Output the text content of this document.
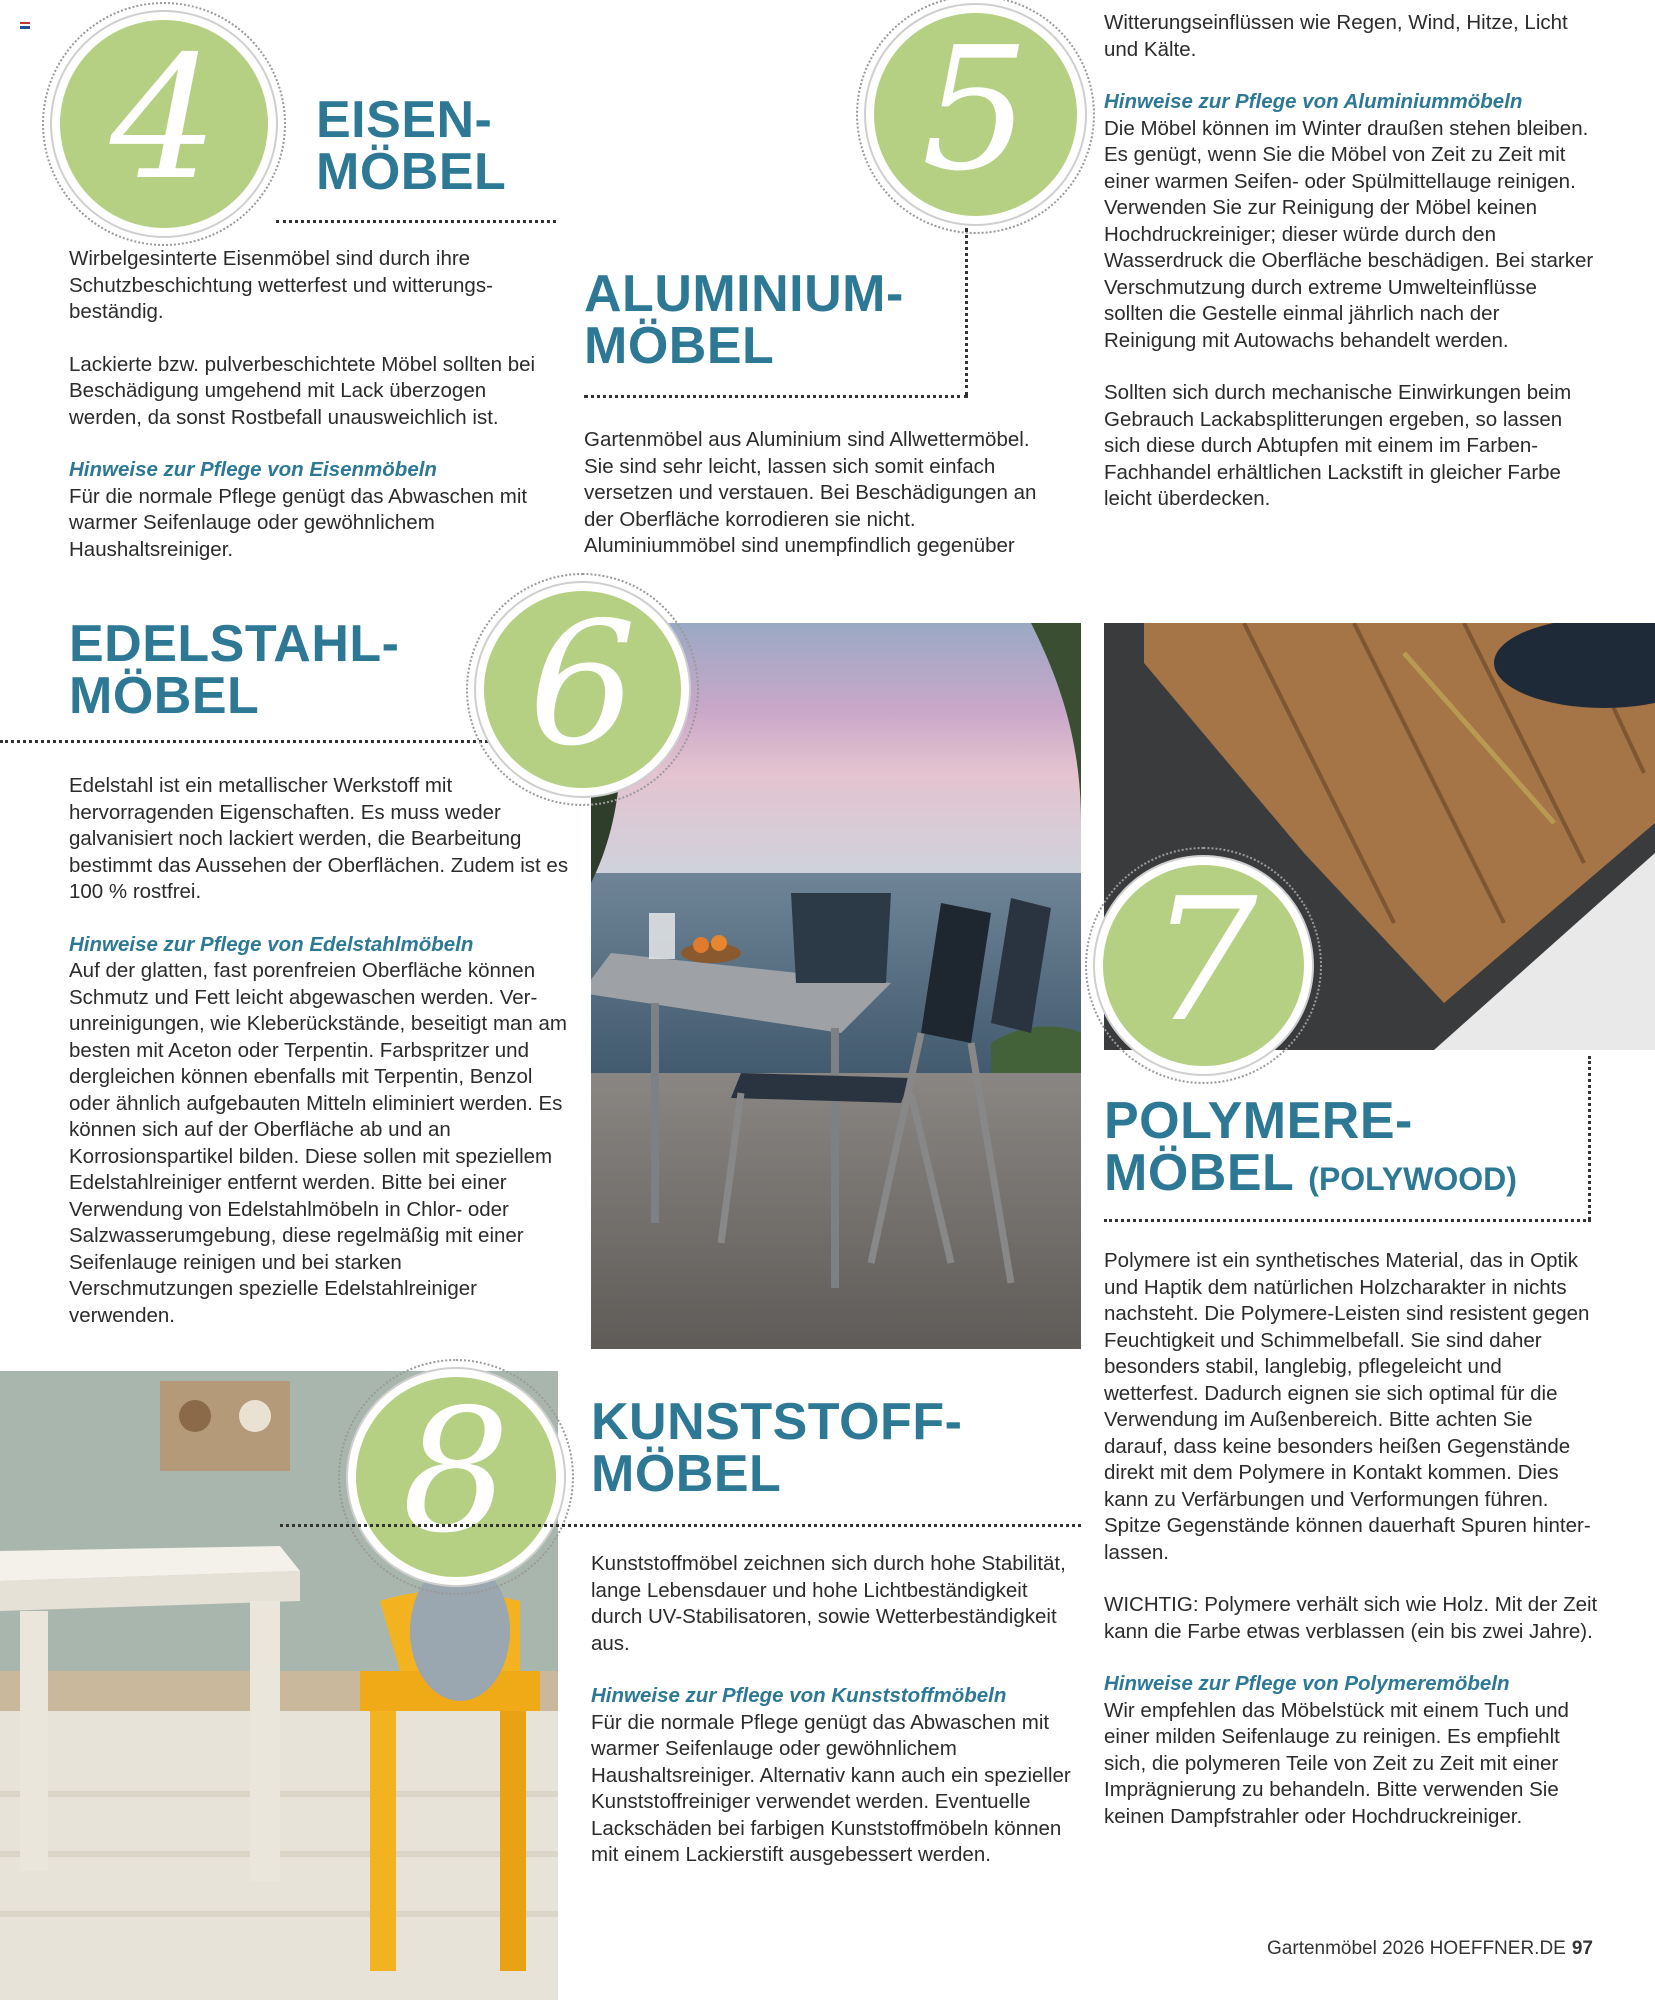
4 EISEN-
MÖBEL

Wirbelgesinterte Eisenmöbel sind durch ihre Schutzbeschichtung wetterfest und witterungsbeständig.

Lackierte bzw. pulverbeschichtete Möbel sollten bei Beschädigung umgehend mit Lack überzogen werden, da sonst Rostbefall unausweichlich ist.

Hinweise zur Pflege von Eisenmöbeln
Für die normale Pflege genügt das Abwaschen mit warmer Seifenlauge oder gewöhnlichem Haushaltsreiniger.

5
ALUMINIUM-
MÖBEL
Gartenmöbel aus Aluminium sind Allwettermöbel. Sie sind sehr leicht, lassen sich somit einfach versetzen und verstauen. Bei Beschädigungen an der Oberfläche korrodieren sie nicht. Aluminiummöbel sind unempfindlich gegenüber

Witterungseinflüssen wie Regen, Wind, Hitze, Licht und Kälte.

Hinweise zur Pflege von Aluminiummöbeln
Die Möbel können im Winter draußen stehen bleiben. Es genügt, wenn Sie die Möbel von Zeit zu Zeit mit einer warmen Seifen- oder Spülmittellauge reinigen. Verwenden Sie zur Reinigung der Möbel keinen Hochdruckreiniger; dieser würde durch den Wasserdruck die Oberfläche beschädigen. Bei starker Verschmutzung durch extreme Umwelteinflüsse sollten die Gestelle einmal jährlich nach der Reinigung mit Autowachs behandelt werden.

Sollten sich durch mechanische Einwirkungen beim Gebrauch Lackabsplitterungen ergeben, so lassen sich diese durch Abtupfen mit einem im Farben-Fachhandel erhältlichen Lackstift in gleicher Farbe leicht überdecken.

EDELSTAHL-
MÖBEL	6

Edelstahl ist ein metallischer Werkstoff mit hervorragenden Eigenschaften. Es muss weder galvanisiert noch lackiert werden, die Bearbeitung bestimmt das Aussehen der Oberflächen. Zudem ist es 100 % rostfrei.

Hinweise zur Pflege von Edelstahlmöbeln
Auf der glatten, fast porenfreien Oberfläche können Schmutz und Fett leicht abgewaschen werden. Verunreinigungen, wie Kleberückstände, beseitigt man am besten mit Aceton oder Terpentin. Farbspritzer und dergleichen können ebenfalls mit Terpentin, Benzol oder ähnlich aufgebauten Mitteln eliminiert werden. Es können sich auf der Oberfläche ab und an Korrosionspartikel bilden. Diese sollen mit speziellem Edelstahlreiniger entfernt werden. Bitte bei einer Verwendung von Edelstahlmöbeln in Chlor- oder Salzwasserumgebung, diese regelmäßig mit einer Seifenlauge reinigen und bei starken Verschmutzungen spezielle Edelstahlreiniger verwenden.

7
POLYMERE-
MÖBEL (POLYWOOD)

Polymere ist ein synthetisches Material, das in Optik und Haptik dem natürlichen Holzcharakter in nichts nachsteht. Die Polymere-Leisten sind resistent gegen Feuchtigkeit und Schimmelbefall. Sie sind daher besonders stabil, langlebig, pflegeleicht und wetterfest. Dadurch eignen sie sich optimal für die Verwendung im Außenbereich. Bitte achten Sie darauf, dass keine besonders heißen Gegenstände direkt mit dem Polymere in Kontakt kommen. Dies kann zu Verfärbungen und Verformungen führen. Spitze Gegenstände können dauerhaft Spuren hinterlassen.

WICHTIG: Polymere verhält sich wie Holz. Mit der Zeit kann die Farbe etwas verblassen (ein bis zwei Jahre).

Hinweise zur Pflege von Polymeremöbeln
Wir empfehlen das Möbelstück mit einem Tuch und einer milden Seifenlauge zu reinigen. Es empfiehlt sich, die polymeren Teile von Zeit zu Zeit mit einer Imprägnierung zu behandeln. Bitte verwenden Sie keinen Dampfstrahler oder Hochdruckreiniger.

8 KUNSTSTOFF-
MÖBEL

Kunststoffmöbel zeichnen sich durch hohe Stabilität, lange Lebensdauer und hohe Lichtbeständigkeit durch UV-Stabilisatoren, sowie Wetterbeständigkeit aus.

Hinweise zur Pflege von Kunststoffmöbeln
Für die normale Pflege genügt das Abwaschen mit warmer Seifenlauge oder gewöhnlichem Haushaltsreiniger. Alternativ kann auch ein spezieller Kunststoffreiniger verwendet werden. Eventuelle Lackschäden bei farbigen Kunststoffmöbeln können mit einem Lackierstift ausgebessert werden.

Gartenmöbel 2026 HOEFFNER.DE 97
